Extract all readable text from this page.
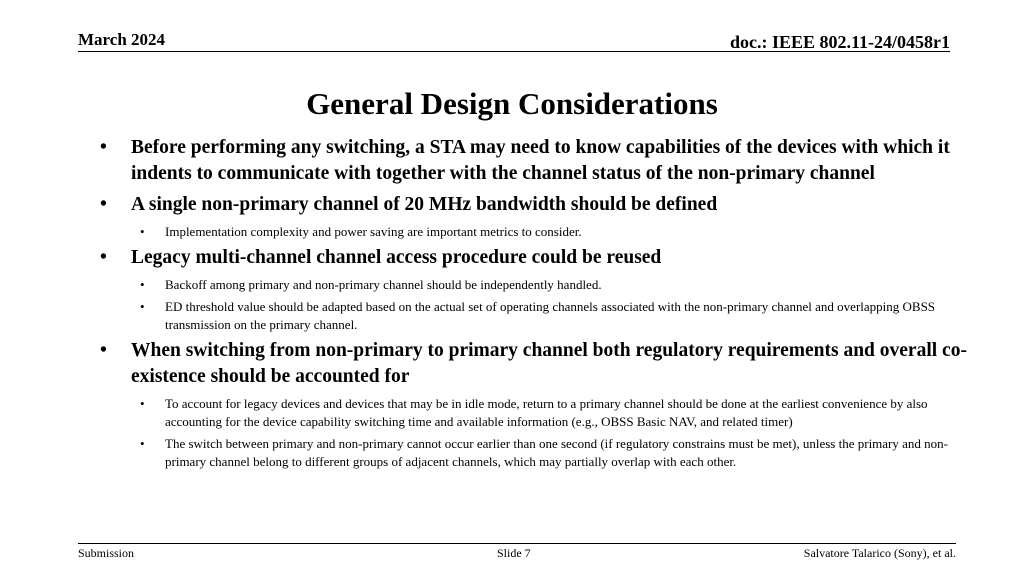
March 2024	doc.: IEEE 802.11-24/0458r1
General Design Considerations
• Before performing any switching, a STA may need to know capabilities of the devices with which it indents to communicate with together with the channel status of the non-primary channel
• A single non-primary channel of 20 MHz bandwidth should be defined
• Implementation complexity and power saving are important metrics to consider.
• Legacy multi-channel channel access procedure could be reused
• Backoff among primary and non-primary channel should be independently handled.
• ED threshold value should be adapted based on the actual set of operating channels associated with the non-primary channel and overlapping OBSS transmission on the primary channel.
• When switching from non-primary to primary channel both regulatory requirements and overall co-existence should be accounted for
• To account for legacy devices and devices that may be in idle mode, return to a primary channel should be done at the earliest convenience by also accounting for the device capability switching time and available information (e.g., OBSS Basic NAV, and related timer)
• The switch between primary and non-primary cannot occur earlier than one second (if regulatory constrains must be met), unless the primary and non-primary channel belong to different groups of adjacent channels, which may partially overlap with each other.
Submission	Slide 7	Salvatore Talarico (Sony), et al.
